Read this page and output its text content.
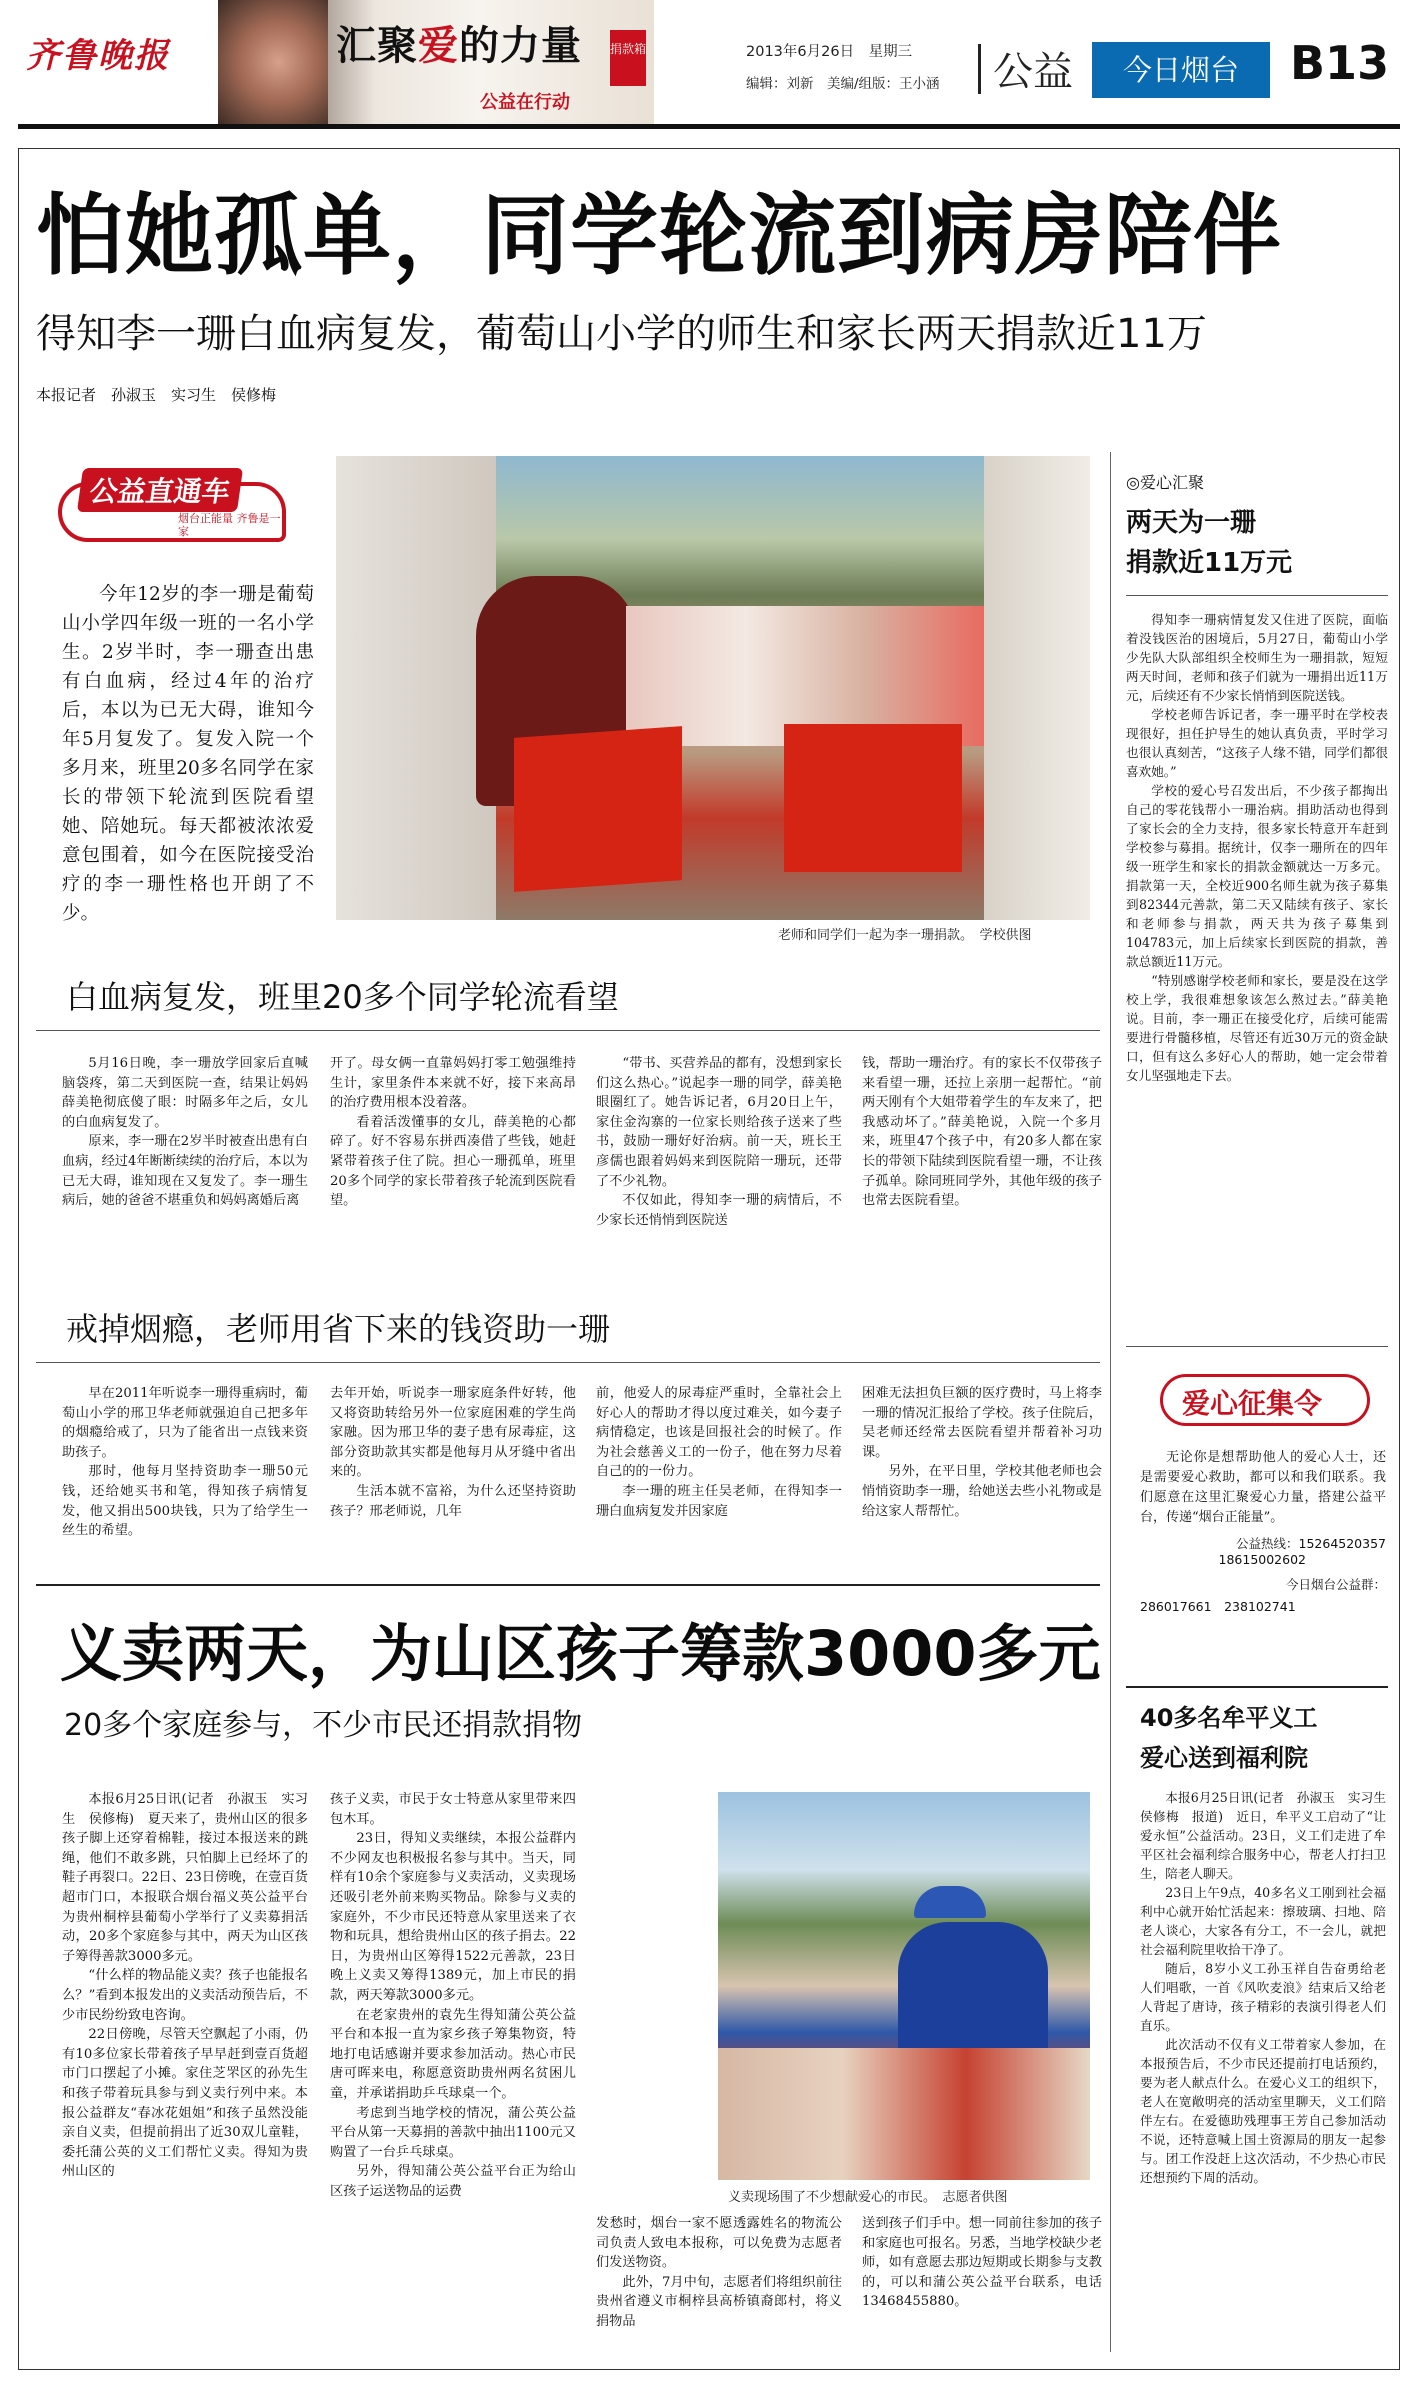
齐鲁晚报	汇聚爱的力量
公益在行动
捐款箱	2013年6月26日　星期三
编辑：刘新　美编/组版：王小涵 公益	今日烟台	B13
怕她孤单，同学轮流到病房陪伴
得知李一珊白血病复发，葡萄山小学的师生和家长两天捐款近11万
本报记者　孙淑玉　实习生　侯修梅
公益直通车
烟台正能量 齐鲁是一家

今年12岁的李一珊是葡萄山小学四年级一班的一名小学生。2岁半时，李一珊查出患有白血病，经过4年的治疗后，本以为已无大碍，谁知今年5月复发了。复发入院一个多月来，班里20多名同学在家长的带领下轮流到医院看望她、陪她玩。每天都被浓浓爱意包围着，如今在医院接受治疗的李一珊性格也开朗了不少。

老师和同学们一起为李一珊捐款。　学校供图
白血病复发，班里20多个同学轮流看望

5月16日晚，李一珊放学回家后直喊脑袋疼，第二天到医院一查，结果让妈妈薛美艳彻底傻了眼：时隔多年之后，女儿的白血病复发了。

原来，李一珊在2岁半时被查出患有白血病，经过4年断断续续的治疗后，本以为已无大碍，谁知现在又复发了。李一珊生病后，她的爸爸不堪重负和妈妈离婚后离

开了。母女俩一直靠妈妈打零工勉强维持生计，家里条件本来就不好，接下来高昂的治疗费用根本没着落。

看着活泼懂事的女儿，薛美艳的心都碎了。好不容易东拼西凑借了些钱，她赶紧带着孩子住了院。担心一珊孤单，班里20多个同学的家长带着孩子轮流到医院看望。

“带书、买营养品的都有，没想到家长们这么热心。”说起李一珊的同学，薛美艳眼圈红了。她告诉记者，6月20日上午，家住金沟寨的一位家长则给孩子送来了些书，鼓励一珊好好治病。前一天，班长王彦儒也跟着妈妈来到医院陪一珊玩，还带了不少礼物。

不仅如此，得知李一珊的病情后，不少家长还悄悄到医院送

钱，帮助一珊治疗。有的家长不仅带孩子来看望一珊，还拉上亲朋一起帮忙。“前两天刚有个大姐带着学生的车友来了，把我感动坏了。”薛美艳说，入院一个多月来，班里47个孩子中，有20多人都在家长的带领下陆续到医院看望一珊，不让孩子孤单。除同班同学外，其他年级的孩子也常去医院看望。

戒掉烟瘾，老师用省下来的钱资助一珊

早在2011年听说李一珊得重病时，葡萄山小学的邢卫华老师就强迫自己把多年的烟瘾给戒了，只为了能省出一点钱来资助孩子。

那时，他每月坚持资助李一珊50元钱，还给她买书和笔，得知孩子病情复发，他又捐出500块钱，只为了给学生一丝生的希望。

去年开始，听说李一珊家庭条件好转，他又将资助转给另外一位家庭困难的学生尚家融。因为邢卫华的妻子患有尿毒症，这部分资助款其实都是他每月从牙缝中省出来的。

生活本就不富裕，为什么还坚持资助孩子？邢老师说，几年

前，他爱人的尿毒症严重时，全靠社会上好心人的帮助才得以度过难关，如今妻子病情稳定，也该是回报社会的时候了。作为社会慈善义工的一份子，他在努力尽着自己的的一份力。

李一珊的班主任吴老师，在得知李一珊白血病复发并因家庭

困难无法担负巨额的医疗费时，马上将李一珊的情况汇报给了学校。孩子住院后，吴老师还经常去医院看望并帮着补习功课。

另外，在平日里，学校其他老师也会悄悄资助李一珊，给她送去些小礼物或是给这家人帮帮忙。

◎爱心汇聚
两天为一珊
捐款近11万元

得知李一珊病情复发又住进了医院，面临着没钱医治的困境后，5月27日，葡萄山小学少先队大队部组织全校师生为一珊捐款，短短两天时间，老师和孩子们就为一珊捐出近11万元，后续还有不少家长悄悄到医院送钱。

学校老师告诉记者，李一珊平时在学校表现很好，担任护导生的她认真负责，平时学习也很认真刻苦，“这孩子人缘不错，同学们都很喜欢她。”

学校的爱心号召发出后，不少孩子都掏出自己的零花钱帮小一珊治病。捐助活动也得到了家长会的全力支持，很多家长特意开车赶到学校参与募捐。据统计，仅李一珊所在的四年级一班学生和家长的捐款金额就达一万多元。捐款第一天，全校近900名师生就为孩子募集到82344元善款，第二天又陆续有孩子、家长和老师参与捐款，两天共为孩子募集到104783元，加上后续家长到医院的捐款，善款总额近11万元。

“特别感谢学校老师和家长，要是没在这学校上学，我很难想象该怎么熬过去。”薛美艳说。目前，李一珊正在接受化疗，后续可能需要进行骨髓移植，尽管还有近30万元的资金缺口，但有这么多好心人的帮助，她一定会带着女儿坚强地走下去。

爱心征集令

无论你是想帮助他人的爱心人士，还是需要爱心救助，都可以和我们联系。我们愿意在这里汇聚爱心力量，搭建公益平台，传递“烟台正能量”。

公益热线：15264520357
18615002602
今日烟台公益群：
286017661　 238102741
40多名牟平义工
爱心送到福利院

本报6月25日讯(记者　孙淑玉　实习生　侯修梅　报道)　近日，牟平义工启动了“让爱永恒”公益活动。23日，义工们走进了牟平区社会福利综合服务中心，帮老人打扫卫生，陪老人聊天。

23日上午9点，40多名义工刚到社会福利中心就开始忙活起来：擦玻璃、扫地、陪老人谈心，大家各有分工，不一会儿，就把社会福利院里收拾干净了。

随后，8岁小义工孙玉祥自告奋勇给老人们唱歌，一首《风吹麦浪》结束后又给老人背起了唐诗，孩子精彩的表演引得老人们直乐。

此次活动不仅有义工带着家人参加，在本报预告后，不少市民还提前打电话预约，要为老人献点什么。在爱心义工的组织下，老人在宽敞明亮的活动室里聊天，义工们陪伴左右。在爱德助残理事王芳自己参加活动不说，还特意喊上国土资源局的朋友一起参与。团工作没赶上这次活动，不少热心市民还想预约下周的活动。

义卖两天，为山区孩子筹款3000多元
20多个家庭参与，不少市民还捐款捐物

本报6月25日讯(记者　孙淑玉　实习生　侯修梅)　夏天来了，贵州山区的很多孩子脚上还穿着棉鞋，接过本报送来的跳绳，他们不敢多跳，只怕脚上已经坏了的鞋子再裂口。22日、23日傍晚，在壹百货超市门口，本报联合烟台福义英公益平台为贵州桐梓县葡萄小学举行了义卖募捐活动，20多个家庭参与其中，两天为山区孩子筹得善款3000多元。

“什么样的物品能义卖？孩子也能报名么？”看到本报发出的义卖活动预告后，不少市民纷纷致电咨询。

22日傍晚，尽管天空飘起了小雨，仍有10多位家长带着孩子早早赶到壹百货超市门口摆起了小摊。家住芝罘区的孙先生和孩子带着玩具参与到义卖行列中来。本报公益群友“春冰花姐姐”和孩子虽然没能亲自义卖，但提前捐出了近30双儿童鞋，委托蒲公英的义工们帮忙义卖。得知为贵州山区的

孩子义卖，市民于女士特意从家里带来四包木耳。

23日，得知义卖继续，本报公益群内不少网友也积极报名参与其中。当天，同样有10余个家庭参与义卖活动，义卖现场还吸引老外前来购买物品。除参与义卖的家庭外，不少市民还特意从家里送来了衣物和玩具，想给贵州山区的孩子捐去。22日，为贵州山区筹得1522元善款，23日晚上义卖又筹得1389元，加上市民的捐款，两天筹款3000多元。

在老家贵州的袁先生得知蒲公英公益平台和本报一直为家乡孩子筹集物资，特地打电话感谢并要求参加活动。热心市民唐可晖来电，称愿意资助贵州两名贫困儿童，并承诺捐助乒乓球桌一个。

考虑到当地学校的情况，蒲公英公益平台从第一天募捐的善款中抽出1100元又购置了一台乒乓球桌。

另外，得知蒲公英公益平台正为给山区孩子运送物品的运费	义卖现场围了不少想献爱心的市民。　志愿者供图

发愁时，烟台一家不愿透露姓名的物流公司负责人致电本报称，可以免费为志愿者们发送物资。

此外，7月中旬，志愿者们将组织前往贵州省遵义市桐梓县高桥镇裔郎村，将义捐物品

送到孩子们手中。想一同前往参加的孩子和家庭也可报名。另悉，当地学校缺少老师，如有意愿去那边短期或长期参与支教的，可以和蒲公英公益平台联系，电话13468455880。
